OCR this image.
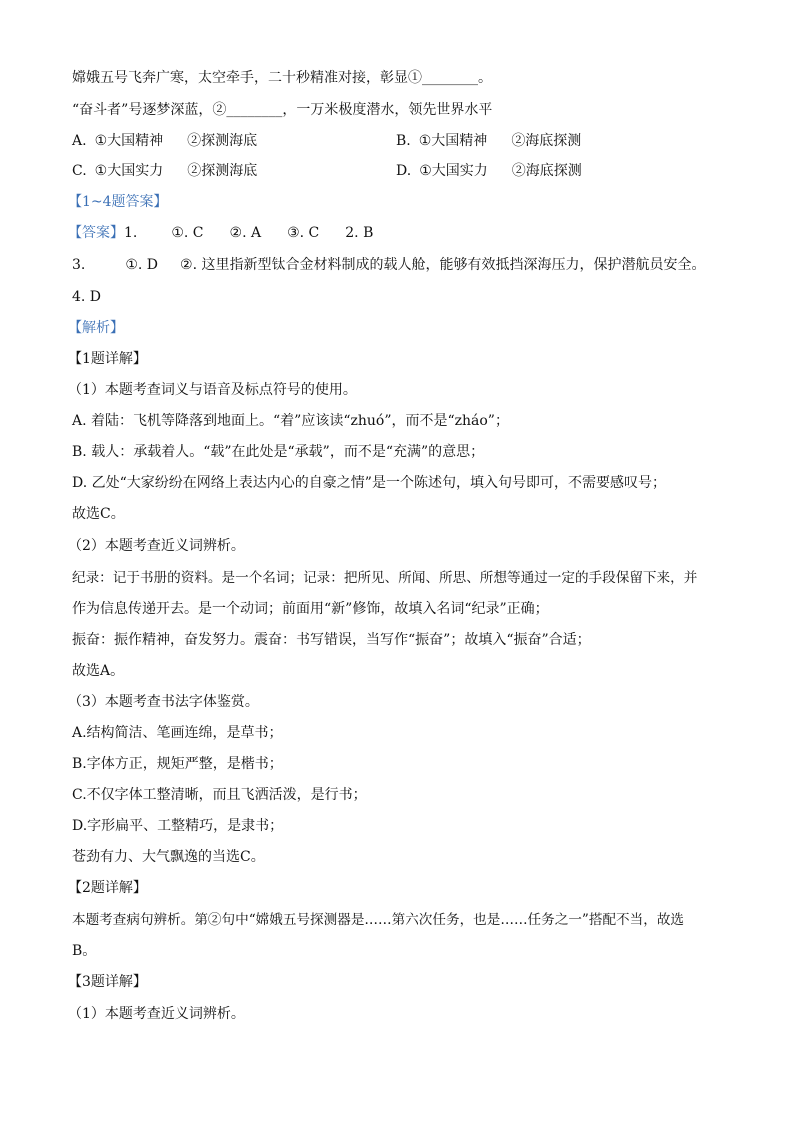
嫦娥五号飞奔广寒，太空牵手，二十秒精准对接，彰显①________。
“奋斗者”号逐梦深蓝，②________，一万米极度潜水，领先世界水平
A. ①大国精神 ②探测海底	B. ①大国精神 ②海底探测
C. ①大国实力 ②探测海底	D. ①大国实力 ②海底探测
【1~4题答案】
【答案】1. ①. C ②. A ③. C 2. B
3.	①. D ②. 这里指新型钛合金材料制成的载人舱，能够有效抵挡深海压力，保护潜航员安全。
4. D
【解析】
【1题详解】
（1）本题考查词义与语音及标点符号的使用。
A. 着陆：飞机等降落到地面上。“着”应该读“zhuó”，而不是“zháo”；
B. 载人：承载着人。“载”在此处是“承载”，而不是“充满”的意思；
D. 乙处“大家纷纷在网络上表达内心的自豪之情”是一个陈述句，填入句号即可，不需要感叹号；
故选C。
（2）本题考查近义词辨析。
纪录：记于书册的资料。是一个名词；记录：把所见、所闻、所思、所想等通过一定的手段保留下来，并
作为信息传递开去。是一个动词；前面用“新”修饰，故填入名词“纪录”正确；
振奋：振作精神，奋发努力。震奋：书写错误，当写作“振奋”；故填入“振奋”合适；
故选A。
（3）本题考查书法字体鉴赏。
A.结构简洁、笔画连绵，是草书；
B.字体方正，规矩严整，是楷书；
C.不仅字体工整清晰，而且飞洒活泼，是行书；
D.字形扁平、工整精巧，是隶书；
苍劲有力、大气飘逸的当选C。
【2题详解】
本题考查病句辨析。第②句中“嫦娥五号探测器是……第六次任务，也是……任务之一”搭配不当，故选
B。
【3题详解】
（1）本题考查近义词辨析。
